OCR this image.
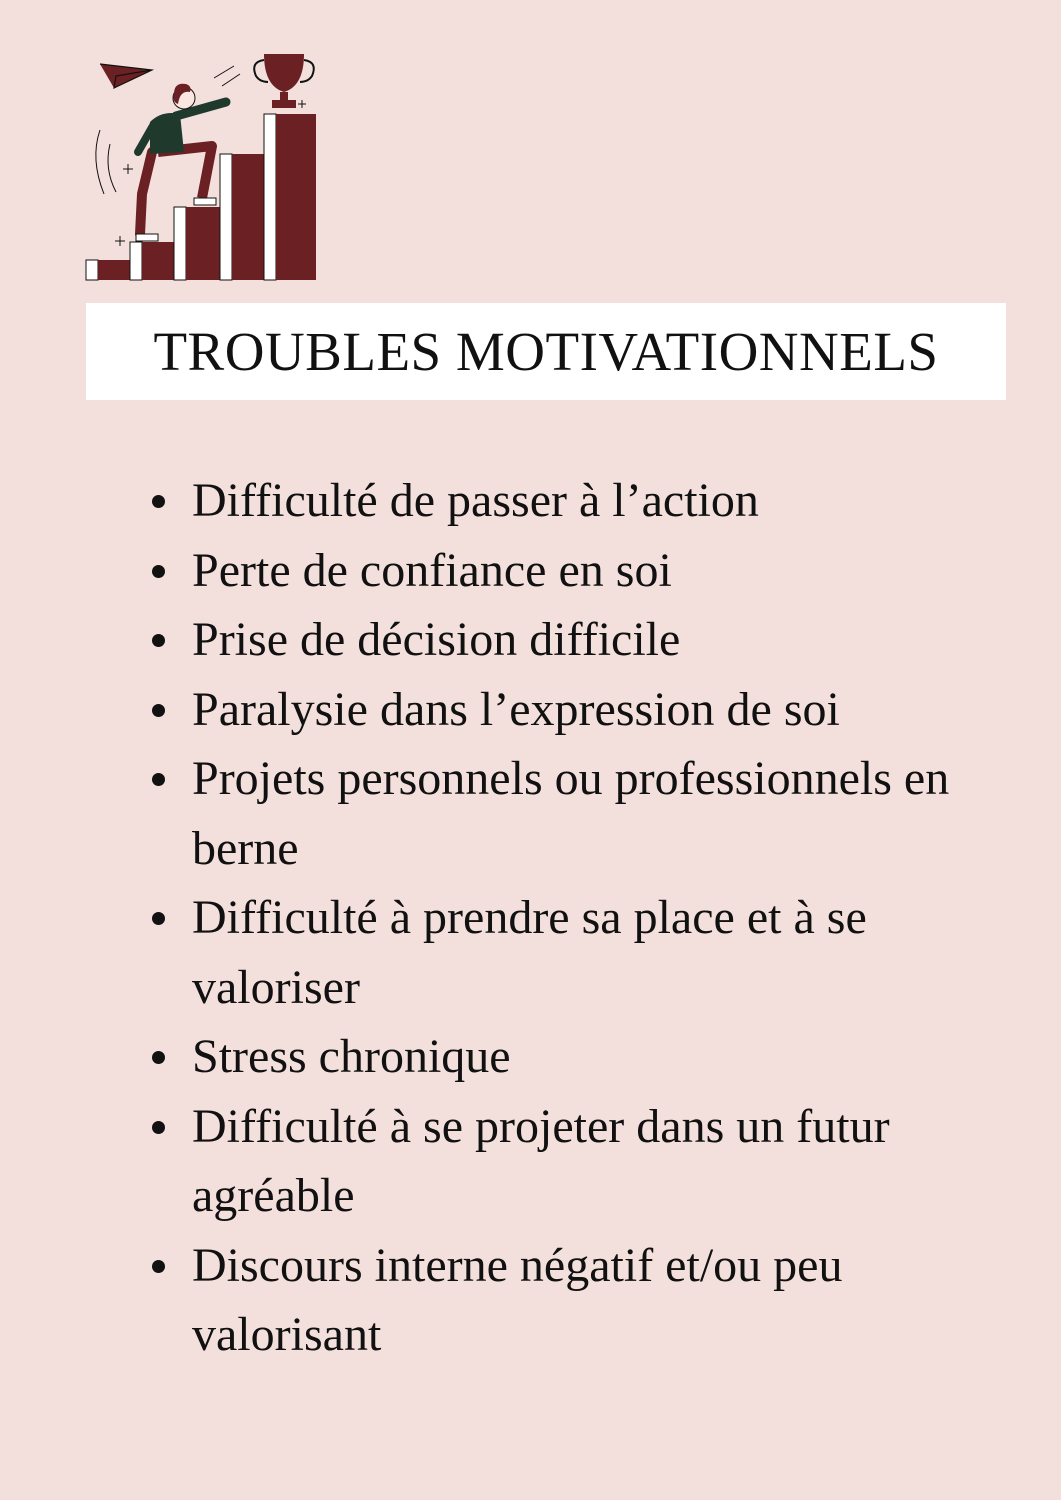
TROUBLES MOTIVATIONNELS
Difficulté de passer à l’action
Perte de confiance en soi
Prise de décision difficile
Paralysie dans l’expression de soi
Projets personnels ou professionnels en berne
Difficulté à prendre sa place et à se valoriser
Stress chronique
Difficulté à se projeter dans un futur agréable
Discours interne négatif et/ou peu valorisant
